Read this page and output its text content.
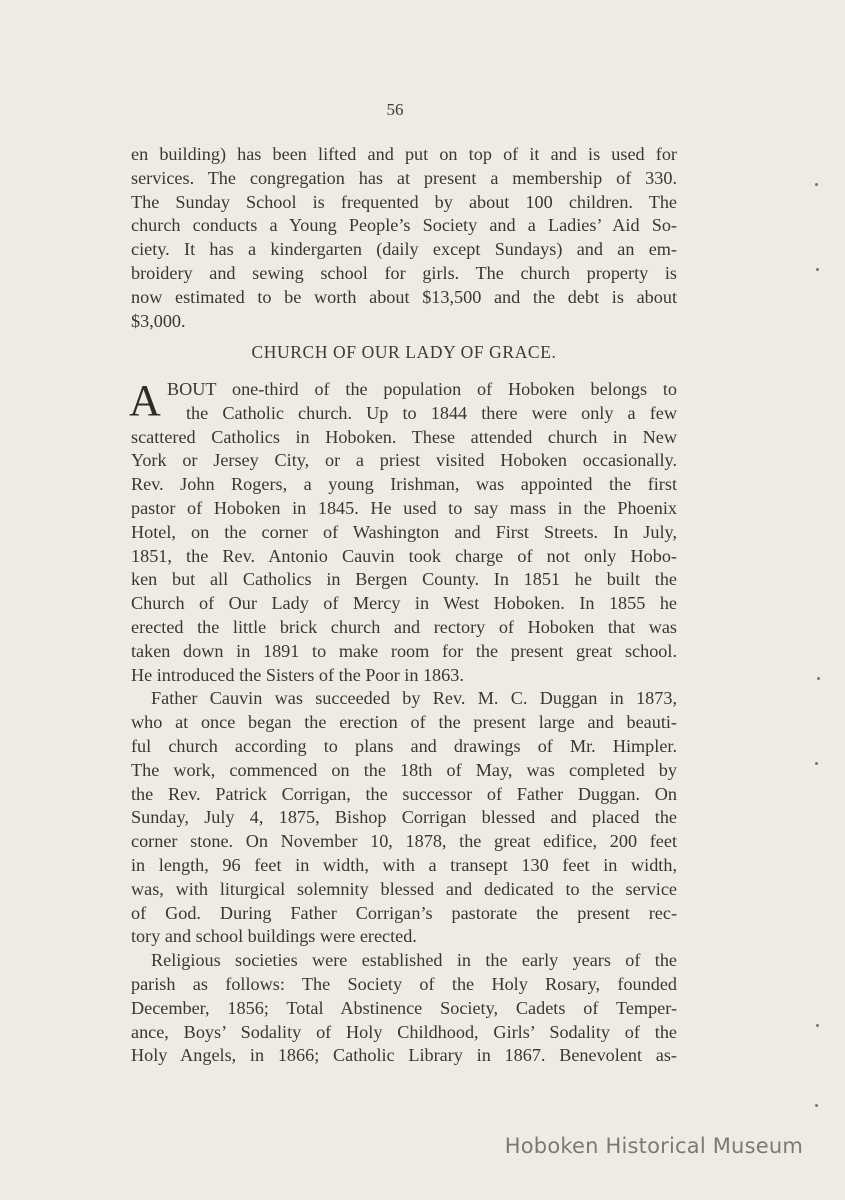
56
en building) has been lifted and put on top of it and is used for
services. The congregation has at present a membership of 330.
The Sunday School is frequented by about 100 children. The
church conducts a Young People’s Society and a Ladies’ Aid So-
ciety. It has a kindergarten (daily except Sundays) and an em-
broidery and sewing school for girls. The church property is
now estimated to be worth about $13,500 and the debt is about
$3,000.
CHURCH OF OUR LADY OF GRACE.
A BOUT one-third of the population of Hoboken belongs to
the Catholic church. Up to 1844 there were only a few
scattered Catholics in Hoboken. These attended church in New
York or Jersey City, or a priest visited Hoboken occasionally.
Rev. John Rogers, a young Irishman, was appointed the first
pastor of Hoboken in 1845. He used to say mass in the Phoenix
Hotel, on the corner of Washington and First Streets. In July,
1851, the Rev. Antonio Cauvin took charge of not only Hobo-
ken but all Catholics in Bergen County. In 1851 he built the
Church of Our Lady of Mercy in West Hoboken. In 1855 he
erected the little brick church and rectory of Hoboken that was
taken down in 1891 to make room for the present great school.
He introduced the Sisters of the Poor in 1863.
Father Cauvin was succeeded by Rev. M. C. Duggan in 1873,
who at once began the erection of the present large and beauti-
ful church according to plans and drawings of Mr. Himpler.
The work, commenced on the 18th of May, was completed by
the Rev. Patrick Corrigan, the successor of Father Duggan. On
Sunday, July 4, 1875, Bishop Corrigan blessed and placed the
corner stone. On November 10, 1878, the great edifice, 200 feet
in length, 96 feet in width, with a transept 130 feet in width,
was, with liturgical solemnity blessed and dedicated to the service
of God. During Father Corrigan’s pastorate the present rec-
tory and school buildings were erected.
Religious societies were established in the early years of the
parish as follows: The Society of the Holy Rosary, founded
December, 1856; Total Abstinence Society, Cadets of Temper-
ance, Boys’ Sodality of Holy Childhood, Girls’ Sodality of the
Holy Angels, in 1866; Catholic Library in 1867. Benevolent as-
Hoboken Historical Museum
